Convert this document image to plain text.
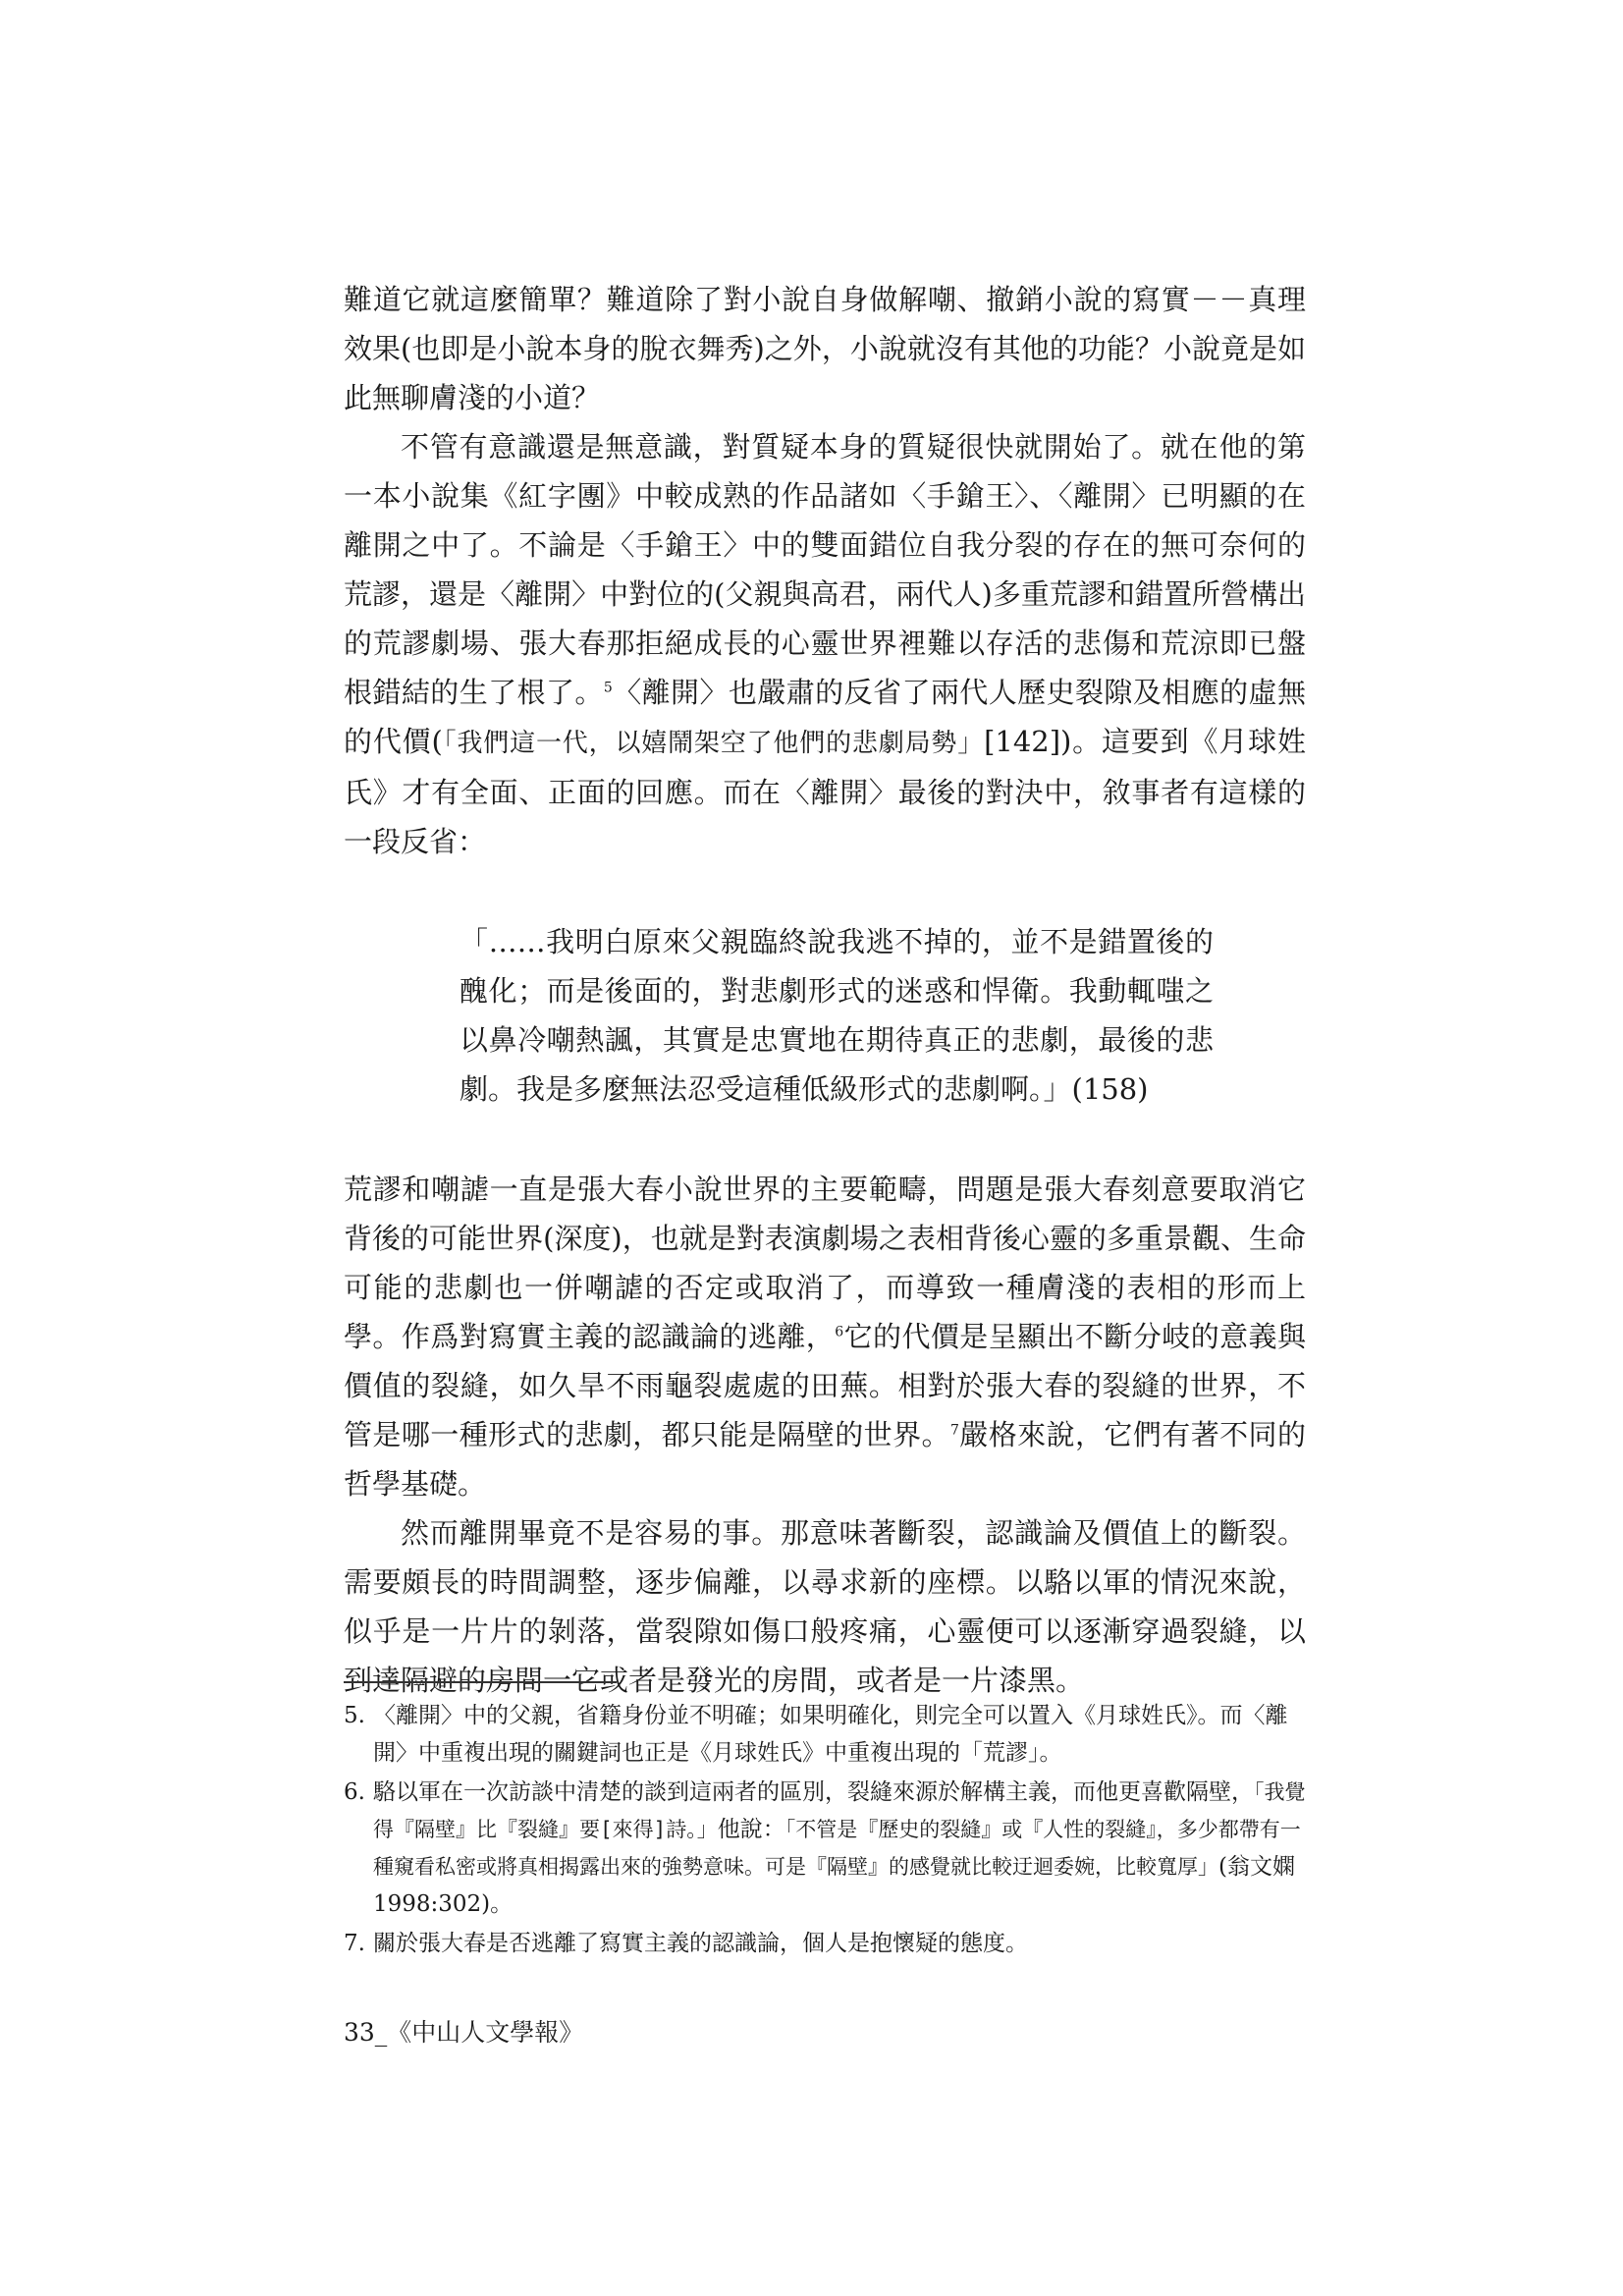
難道它就這麼簡單？難道除了對小說自身做解嘲、撤銷小說的寫實－－真理效果(也即是小說本身的脫衣舞秀)之外，小說就沒有其他的功能？小說竟是如此無聊膚淺的小道？

不管有意識還是無意識，對質疑本身的質疑很快就開始了。就在他的第一本小說集《紅字團》中較成熟的作品諸如〈手鎗王〉、〈離開〉已明顯的在離開之中了。不論是〈手鎗王〉中的雙面錯位自我分裂的存在的無可奈何的荒謬，還是〈離開〉中對位的(父親與高君，兩代人)多重荒謬和錯置所營構出的荒謬劇場、張大春那拒絕成長的心靈世界裡難以存活的悲傷和荒涼即已盤根錯結的生了根了。$^5$〈離開〉也嚴肅的反省了兩代人歷史裂隙及相應的虛無的代價(「我們這一代，以嬉鬧架空了他們的悲劇局勢」[142])。這要到《月球姓氏》才有全面、正面的回應。而在〈離開〉最後的對決中，敘事者有這樣的一段反省：

「……我明白原來父親臨終說我逃不掉的，並不是錯置後的醜化；而是後面的，對悲劇形式的迷惑和悍衛。我動輒嗤之以鼻冷嘲熱諷，其實是忠實地在期待真正的悲劇，最後的悲劇。我是多麼無法忍受這種低級形式的悲劇啊。」(158)

荒謬和嘲謔一直是張大春小說世界的主要範疇，問題是張大春刻意要取消它背後的可能世界(深度)，也就是對表演劇場之表相背後心靈的多重景觀、生命可能的悲劇也一併嘲謔的否定或取消了，而導致一種膚淺的表相的形而上學。作爲對寫實主義的認識論的逃離，$^6$它的代價是呈顯出不斷分岐的意義與價值的裂縫，如久旱不雨龜裂處處的田蕪。相對於張大春的裂縫的世界，不管是哪一種形式的悲劇，都只能是隔壁的世界。$^7$嚴格來說，它們有著不同的哲學基礎。

然而離開畢竟不是容易的事。那意味著斷裂，認識論及價值上的斷裂。需要頗長的時間調整，逐步偏離，以尋求新的座標。以駱以軍的情況來說，似乎是一片片的剝落，當裂隙如傷口般疼痛，心靈便可以逐漸穿過裂縫，以到達隔避的房間一它或者是發光的房間，或者是一片漆黑。

5. 〈離開〉中的父親，省籍身份並不明確；如果明確化，則完全可以置入《月球姓氏》。而〈離開〉中重複出現的關鍵詞也正是《月球姓氏》中重複出現的「荒謬」。
6. 駱以軍在一次訪談中清楚的談到這兩者的區別，裂縫來源於解構主義，而他更喜歡隔壁，「我覺得『隔壁』比『裂縫』要[來得]詩。」他說：「不管是『歷史的裂縫』或『人性的裂縫』，多少都帶有一種窺看私密或將真相揭露出來的強勢意味。可是『隔壁』的感覺就比較迂迴委婉，比較寬厚」(翁文嫻 1998:302)。
7. 關於張大春是否逃離了寫實主義的認識論，個人是抱懷疑的態度。
33_《中山人文學報》
